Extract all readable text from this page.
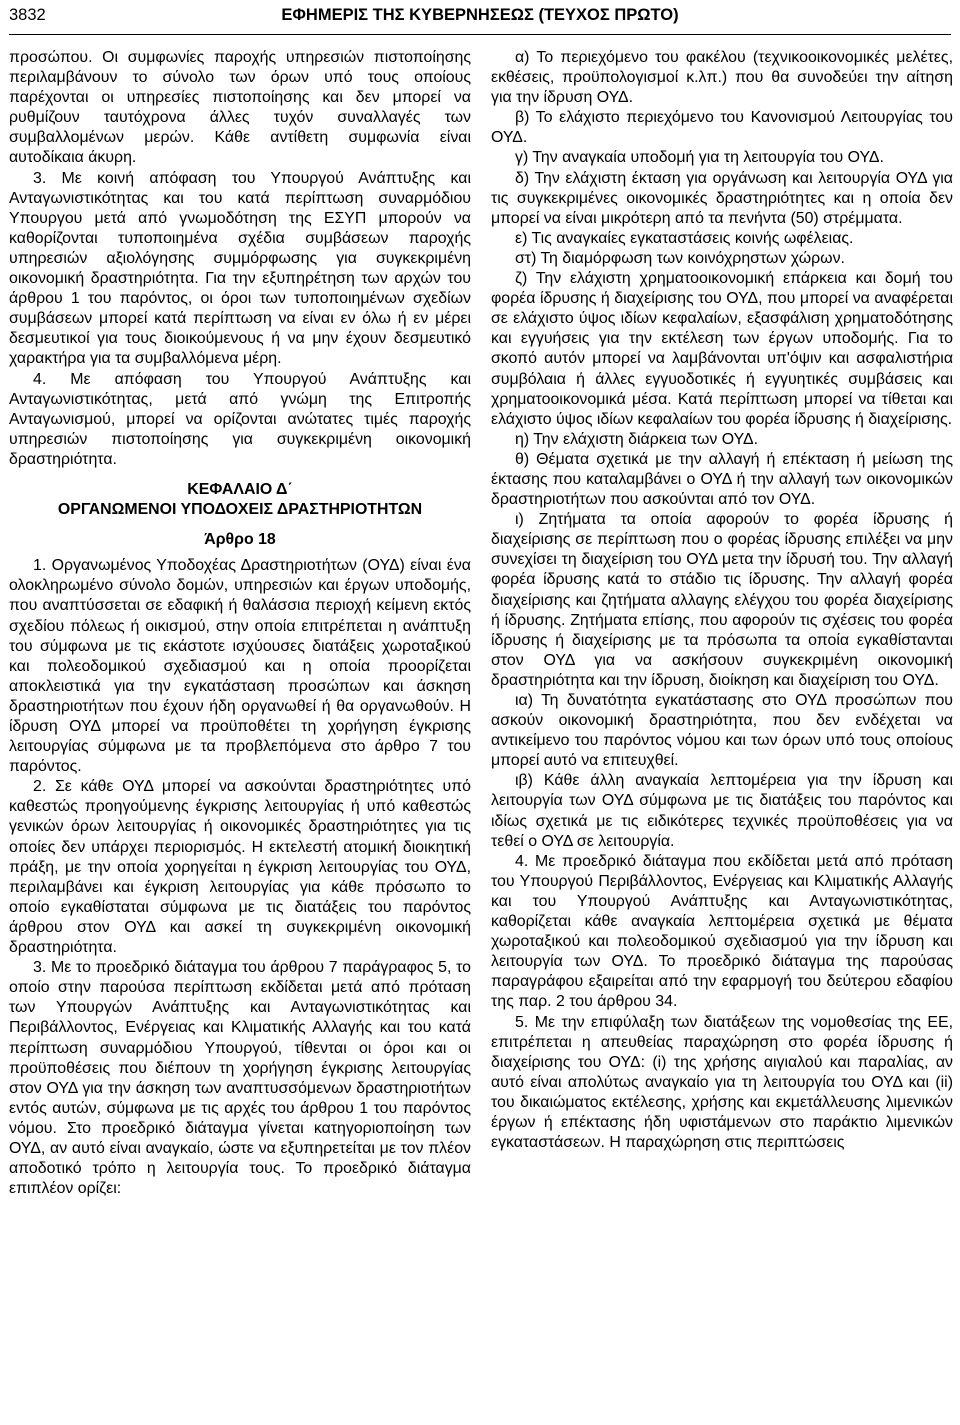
3832	ΕΦΗΜΕΡΙΣ ΤΗΣ ΚΥΒΕΡΝΗΣΕΩΣ (ΤΕΥΧΟΣ ΠΡΩΤΟ)

προσώπου. Οι συμφωνίες παροχής υπηρεσιών πιστοποίησης περιλαμβάνουν το σύνολο των όρων υπό τους οποίους παρέχονται οι υπηρεσίες πιστοποίησης και δεν μπορεί να ρυθμίζουν ταυτόχρονα άλλες τυχόν συναλλαγές των συμβαλλομένων μερών. Κάθε αντίθετη συμφωνία είναι αυτοδίκαια άκυρη.

3. Με κοινή απόφαση του Υπουργού Ανάπτυξης και Ανταγωνιστικότητας και του κατά περίπτωση συναρμόδιου Υπουργου μετά από γνωμοδότηση της ΕΣΥΠ μπορούν να καθορίζονται τυποποιημένα σχέδια συμβάσεων παροχής υπηρεσιών αξιολόγησης συμμόρφωσης για συγκεκριμένη οικονομική δραστηριότητα. Για την εξυπηρέτηση των αρχών του άρθρου 1 του παρόντος, οι όροι των τυποποιημένων σχεδίων συμβάσεων μπορεί κατά περίπτωση να είναι εν όλω ή εν μέρει δεσμευτικοί για τους διοικούμενους ή να μην έχουν δεσμευτικό χαρακτήρα για τα συμβαλλόμενα μέρη.

4. Με απόφαση του Υπουργού Ανάπτυξης και Ανταγωνιστικότητας, μετά από γνώμη της Επιτροπής Ανταγωνισμού, μπορεί να ορίζονται ανώτατες τιμές παροχής υπηρεσιών πιστοποίησης για συγκεκριμένη οικονομική δραστηριότητα.

ΚΕΦΑΛΑΙΟ Δ΄
ΟΡΓΑΝΩΜΕΝΟΙ ΥΠΟΔΟΧΕΙΣ ΔΡΑΣΤΗΡΙΟΤΗΤΩΝ
Άρθρο 18

1. Οργανωμένος Υποδοχέας Δραστηριοτήτων (ΟΥΔ) είναι ένα ολοκληρωμένο σύνολο δομών, υπηρεσιών και έργων υποδομής, που αναπτύσσεται σε εδαφική ή θαλάσσια περιοχή κείμενη εκτός σχεδίου πόλεως ή οικισμού, στην οποία επιτρέπεται η ανάπτυξη του σύμφωνα με τις εκάστοτε ισχύουσες διατάξεις χωροταξικού και πολεοδομικού σχεδιασμού και η οποία προορίζεται αποκλειστικά για την εγκατάσταση προσώπων και άσκηση δραστηριοτήτων που έχουν ήδη οργανωθεί ή θα οργανωθούν. Η ίδρυση ΟΥΔ μπορεί να προϋποθέτει τη χορήγηση έγκρισης λειτουργίας σύμφωνα με τα προβλεπόμενα στο άρθρο 7 του παρόντος.

2. Σε κάθε ΟΥΔ μπορεί να ασκούνται δραστηριότητες υπό καθεστώς προηγούμενης έγκρισης λειτουργίας ή υπό καθεστώς γενικών όρων λειτουργίας ή οικονομικές δραστηριότητες για τις οποίες δεν υπάρχει περιορισμός. Η εκτελεστή ατομική διοικητική πράξη, με την οποία χορηγείται η έγκριση λειτουργίας του ΟΥΔ, περιλαμβάνει και έγκριση λειτουργίας για κάθε πρόσωπο το οποίο εγκαθίσταται σύμφωνα με τις διατάξεις του παρόντος άρθρου στον ΟΥΔ και ασκεί τη συγκεκριμένη οικονομική δραστηριότητα.

3. Με το προεδρικό διάταγμα του άρθρου 7 παράγραφος 5, το οποίο στην παρούσα περίπτωση εκδίδεται μετά από πρόταση των Υπουργών Ανάπτυξης και Ανταγωνιστικότητας και Περιβάλλοντος, Ενέργειας και Κλιματικής Αλλαγής και του κατά περίπτωση συναρμόδιου Υπουργού, τίθενται οι όροι και οι προϋποθέσεις που διέπουν τη χορήγηση έγκρισης λειτουργίας στον ΟΥΔ για την άσκηση των αναπτυσσόμενων δραστηριοτήτων εντός αυτών, σύμφωνα με τις αρχές του άρθρου 1 του παρόντος νόμου. Στο προεδρικό διάταγμα γίνεται κατηγοριοποίηση των ΟΥΔ, αν αυτό είναι αναγκαίο, ώστε να εξυπηρετείται με τον πλέον αποδοτικό τρόπο η λειτουργία τους. Το προεδρικό διάταγμα επιπλέον ορίζει:

α) Το περιεχόμενο του φακέλου (τεχνικοοικονομικές μελέτες, εκθέσεις, προϋπολογισμοί κ.λπ.) που θα συνοδεύει την αίτηση για την ίδρυση ΟΥΔ.

β) Το ελάχιστο περιεχόμενο του Κανονισμού Λειτουργίας του ΟΥΔ.

γ) Την αναγκαία υποδομή για τη λειτουργία του ΟΥΔ.

δ) Την ελάχιστη έκταση για οργάνωση και λειτουργία ΟΥΔ για τις συγκεκριμένες οικονομικές δραστηριότητες και η οποία δεν μπορεί να είναι μικρότερη από τα πενήντα (50) στρέμματα.

ε) Τις αναγκαίες εγκαταστάσεις κοινής ωφέλειας.

στ) Τη διαμόρφωση των κοινόχρηστων χώρων.

ζ) Την ελάχιστη χρηματοοικονομική επάρκεια και δομή του φορέα ίδρυσης ή διαχείρισης του ΟΥΔ, που μπορεί να αναφέρεται σε ελάχιστο ύψος ιδίων κεφαλαίων, εξασφάλιση χρηματοδότησης και εγγυήσεις για την εκτέλεση των έργων υποδομής. Για το σκοπό αυτόν μπορεί να λαμβάνονται υπ'όψιν και ασφαλιστήρια συμβόλαια ή άλλες εγγυοδοτικές ή εγγυητικές συμβάσεις και χρηματοοικονομικά μέσα. Κατά περίπτωση μπορεί να τίθεται και ελάχιστο ύψος ιδίων κεφαλαίων του φορέα ίδρυσης ή διαχείρισης.

η) Την ελάχιστη διάρκεια των ΟΥΔ.

θ) Θέματα σχετικά με την αλλαγή ή επέκταση ή μείωση της έκτασης που καταλαμβάνει ο ΟΥΔ ή την αλλαγή των οικονομικών δραστηριοτήτων που ασκούνται από τον ΟΥΔ.

ι) Ζητήματα τα οποία αφορούν το φορέα ίδρυσης ή διαχείρισης σε περίπτωση που ο φορέας ίδρυσης επιλέξει να μην συνεχίσει τη διαχείριση του ΟΥΔ μετα την ίδρυσή του. Την αλλαγή φορέα ίδρυσης κατά το στάδιο τις ίδρυσης. Την αλλαγή φορέα διαχείρισης και ζητήματα αλλαγης ελέγχου του φορέα διαχείρισης ή ίδρυσης. Ζητήματα επίσης, που αφορούν τις σχέσεις του φορέα ίδρυσης ή διαχείρισης με τα πρόσωπα τα οποία εγκαθίστανται στον ΟΥΔ για να ασκήσουν συγκεκριμένη οικονομική δραστηριότητα και την ίδρυση, διοίκηση και διαχείριση του ΟΥΔ.

ια) Τη δυνατότητα εγκατάστασης στο ΟΥΔ προσώπων που ασκούν οικονομική δραστηριότητα, που δεν ενδέχεται να αντικείμενο του παρόντος νόμου και των όρων υπό τους οποίους μπορεί αυτό να επιτευχθεί.

ιβ) Κάθε άλλη αναγκαία λεπτομέρεια για την ίδρυση και λειτουργία των ΟΥΔ σύμφωνα με τις διατάξεις του παρόντος και ιδίως σχετικά με τις ειδικότερες τεχνικές προϋποθέσεις για να τεθεί ο ΟΥΔ σε λειτουργία.

4. Με προεδρικό διάταγμα που εκδίδεται μετά από πρόταση του Υπουργού Περιβάλλοντος, Ενέργειας και Κλιματικής Αλλαγής και του Υπουργού Ανάπτυξης και Ανταγωνιστικότητας, καθορίζεται κάθε αναγκαία λεπτομέρεια σχετικά με θέματα χωροταξικού και πολεοδομικού σχεδιασμού για την ίδρυση και λειτουργία των ΟΥΔ. Το προεδρικό διάταγμα της παρούσας παραγράφου εξαιρείται από την εφαρμογή του δεύτερου εδαφίου της παρ. 2 του άρθρου 34.

5. Με την επιφύλαξη των διατάξεων της νομοθεσίας της ΕΕ, επιτρέπεται η απευθείας παραχώρηση στο φορέα ίδρυσης ή διαχείρισης του ΟΥΔ: (i) της χρήσης αιγιαλού και παραλίας, αν αυτό είναι απολύτως αναγκαίο για τη λειτουργία του ΟΥΔ και (ii) του δικαιώματος εκτέλεσης, χρήσης και εκμετάλλευσης λιμενικών έργων ή επέκτασης ήδη υφιστάμενων στο παράκτιο λιμενικών εγκαταστάσεων. Η παραχώρηση στις περιπτώσεις
